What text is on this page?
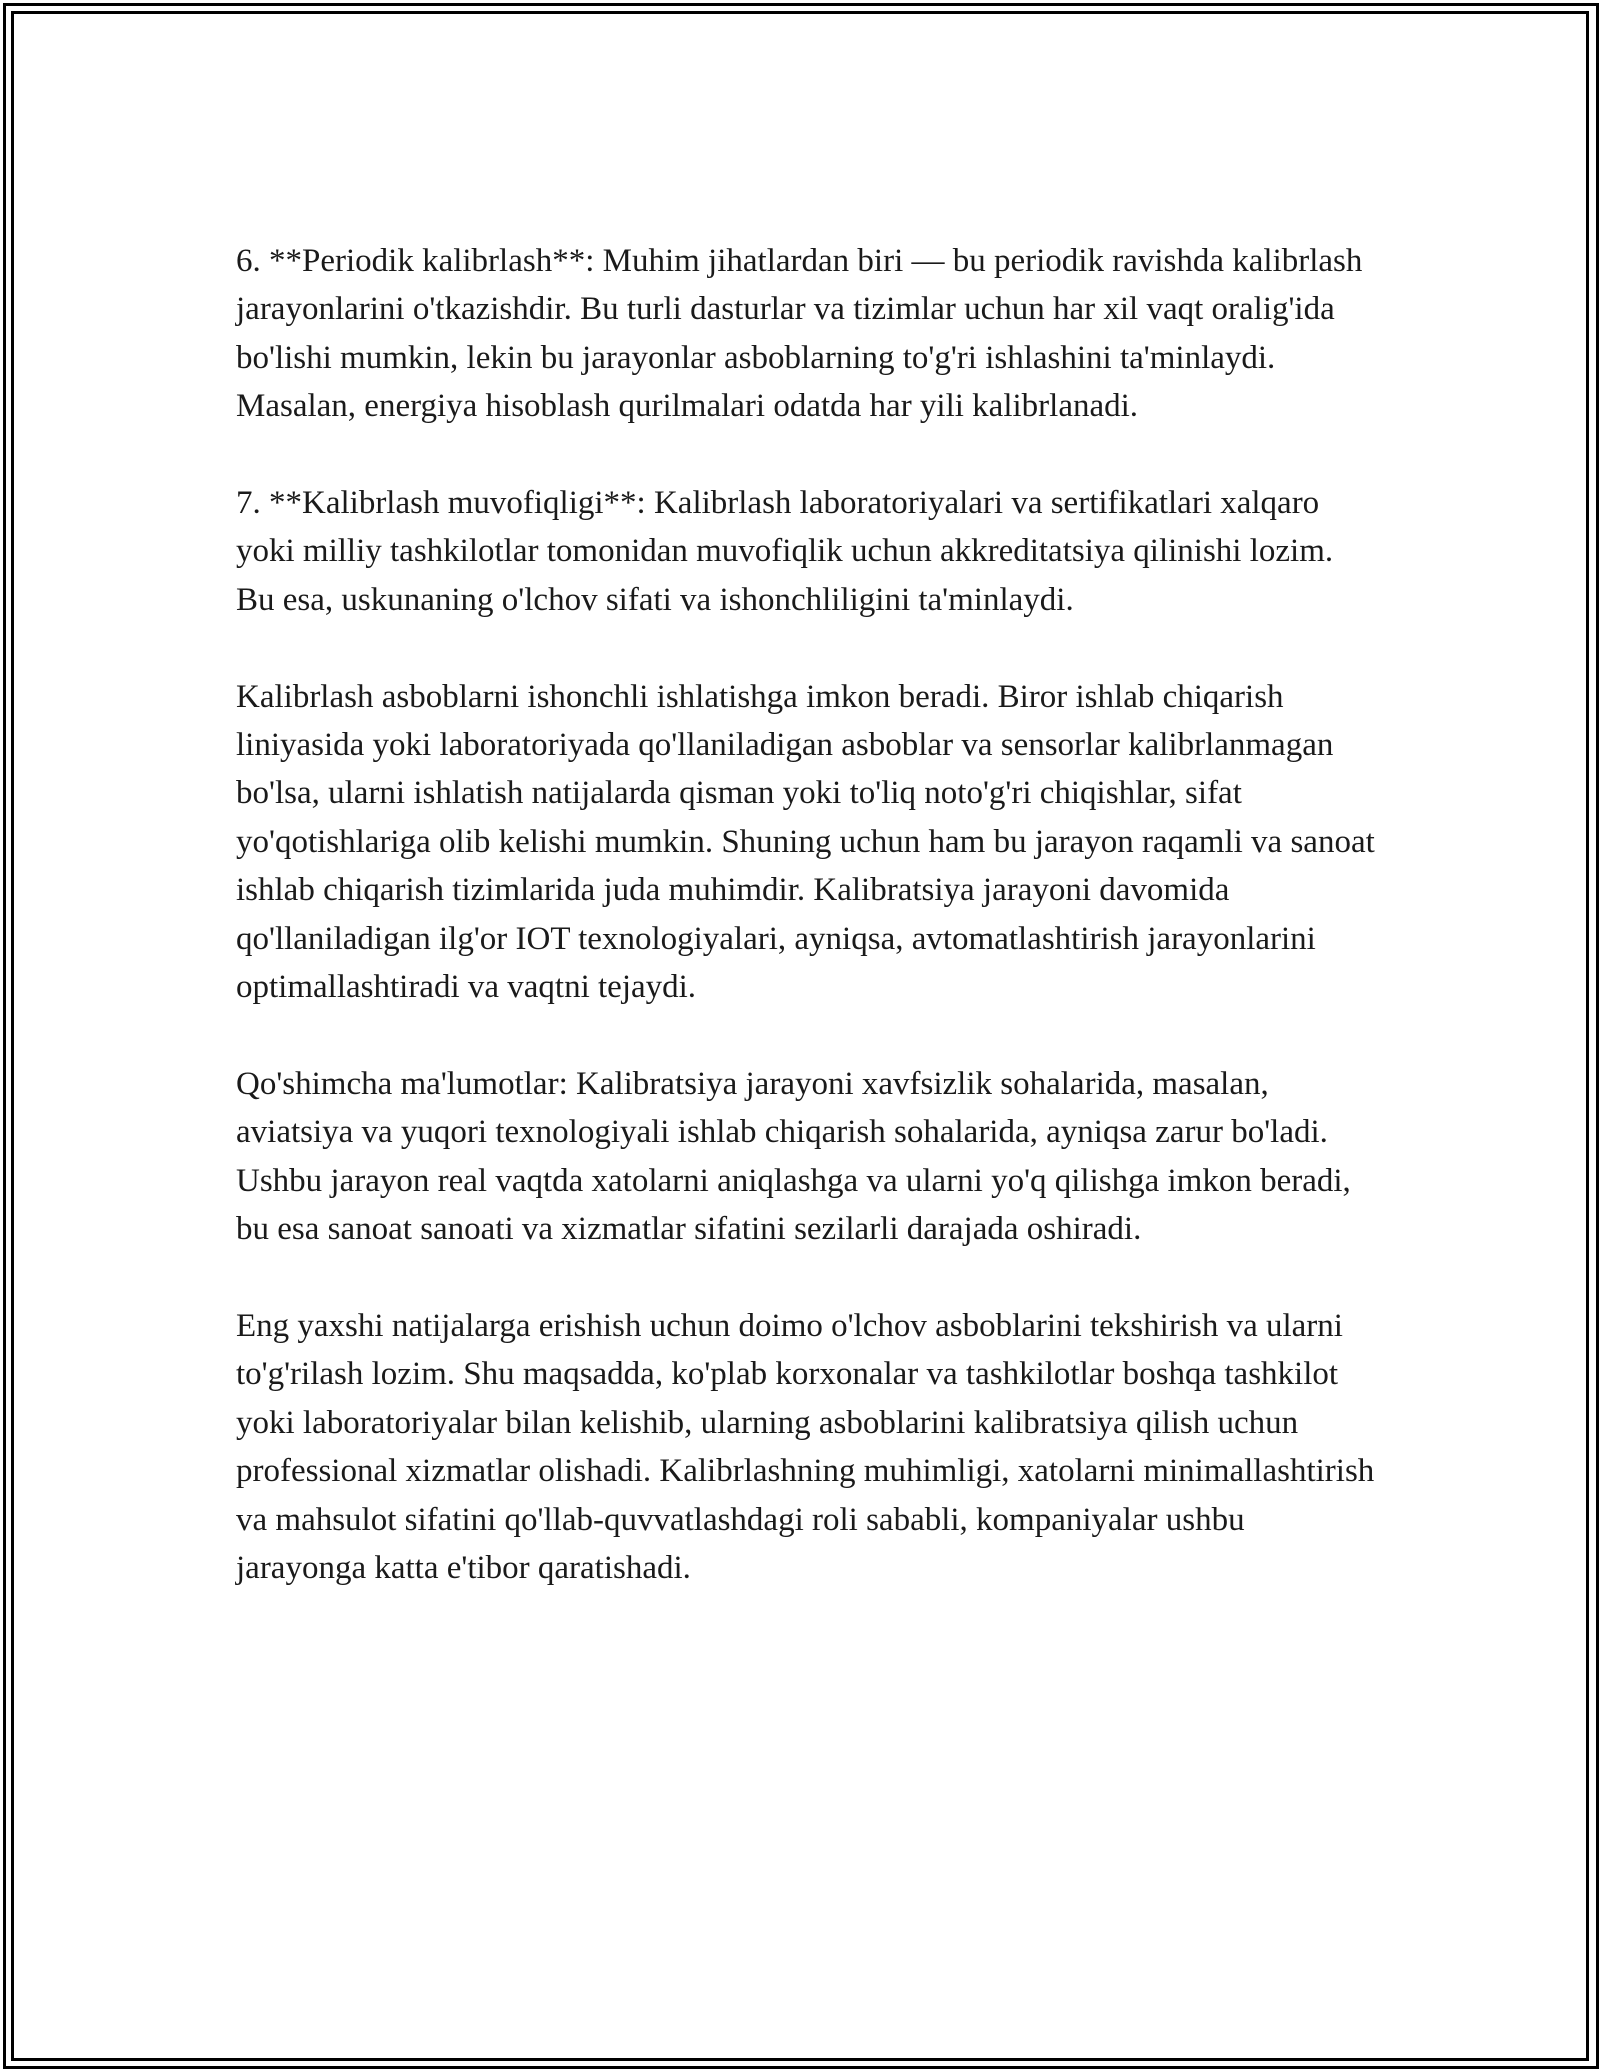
6. **Periodik kalibrlash**: Muhim jihatlardan biri — bu periodik ravishda kalibrlash jarayonlarini o'tkazishdir. Bu turli dasturlar va tizimlar uchun har xil vaqt oralig'ida bo'lishi mumkin, lekin bu jarayonlar asboblarning to'g'ri ishlashini ta'minlaydi. Masalan, energiya hisoblash qurilmalari odatda har yili kalibrlanadi.

7. **Kalibrlash muvofiqligi**: Kalibrlash laboratoriyalari va sertifikatlari xalqaro yoki milliy tashkilotlar tomonidan muvofiqlik uchun akkreditatsiya qilinishi lozim. Bu esa, uskunaning o'lchov sifati va ishonchliligini ta'minlaydi.

Kalibrlash asboblarni ishonchli ishlatishga imkon beradi. Biror ishlab chiqarish liniyasida yoki laboratoriyada qo'llaniladigan asboblar va sensorlar kalibrlanmagan bo'lsa, ularni ishlatish natijalarda qisman yoki to'liq noto'g'ri chiqishlar, sifat yo'qotishlariga olib kelishi mumkin. Shuning uchun ham bu jarayon raqamli va sanoat ishlab chiqarish tizimlarida juda muhimdir. Kalibratsiya jarayoni davomida qo'llaniladigan ilg'or IOT texnologiyalari, ayniqsa, avtomatlashtirish jarayonlarini optimallashtiradi va vaqtni tejaydi.

Qo'shimcha ma'lumotlar: Kalibratsiya jarayoni xavfsizlik sohalarida, masalan, aviatsiya va yuqori texnologiyali ishlab chiqarish sohalarida, ayniqsa zarur bo'ladi. Ushbu jarayon real vaqtda xatolarni aniqlashga va ularni yo'q qilishga imkon beradi, bu esa sanoat sanoati va xizmatlar sifatini sezilarli darajada oshiradi.

Eng yaxshi natijalarga erishish uchun doimo o'lchov asboblarini tekshirish va ularni to'g'rilash lozim. Shu maqsadda, ko'plab korxonalar va tashkilotlar boshqa tashkilot yoki laboratoriyalar bilan kelishib, ularning asboblarini kalibratsiya qilish uchun professional xizmatlar olishadi. Kalibrlashning muhimligi, xatolarni minimallashtirish va mahsulot sifatini qo'llab-quvvatlashdagi roli sababli, kompaniyalar ushbu jarayonga katta e'tibor qaratishadi.
